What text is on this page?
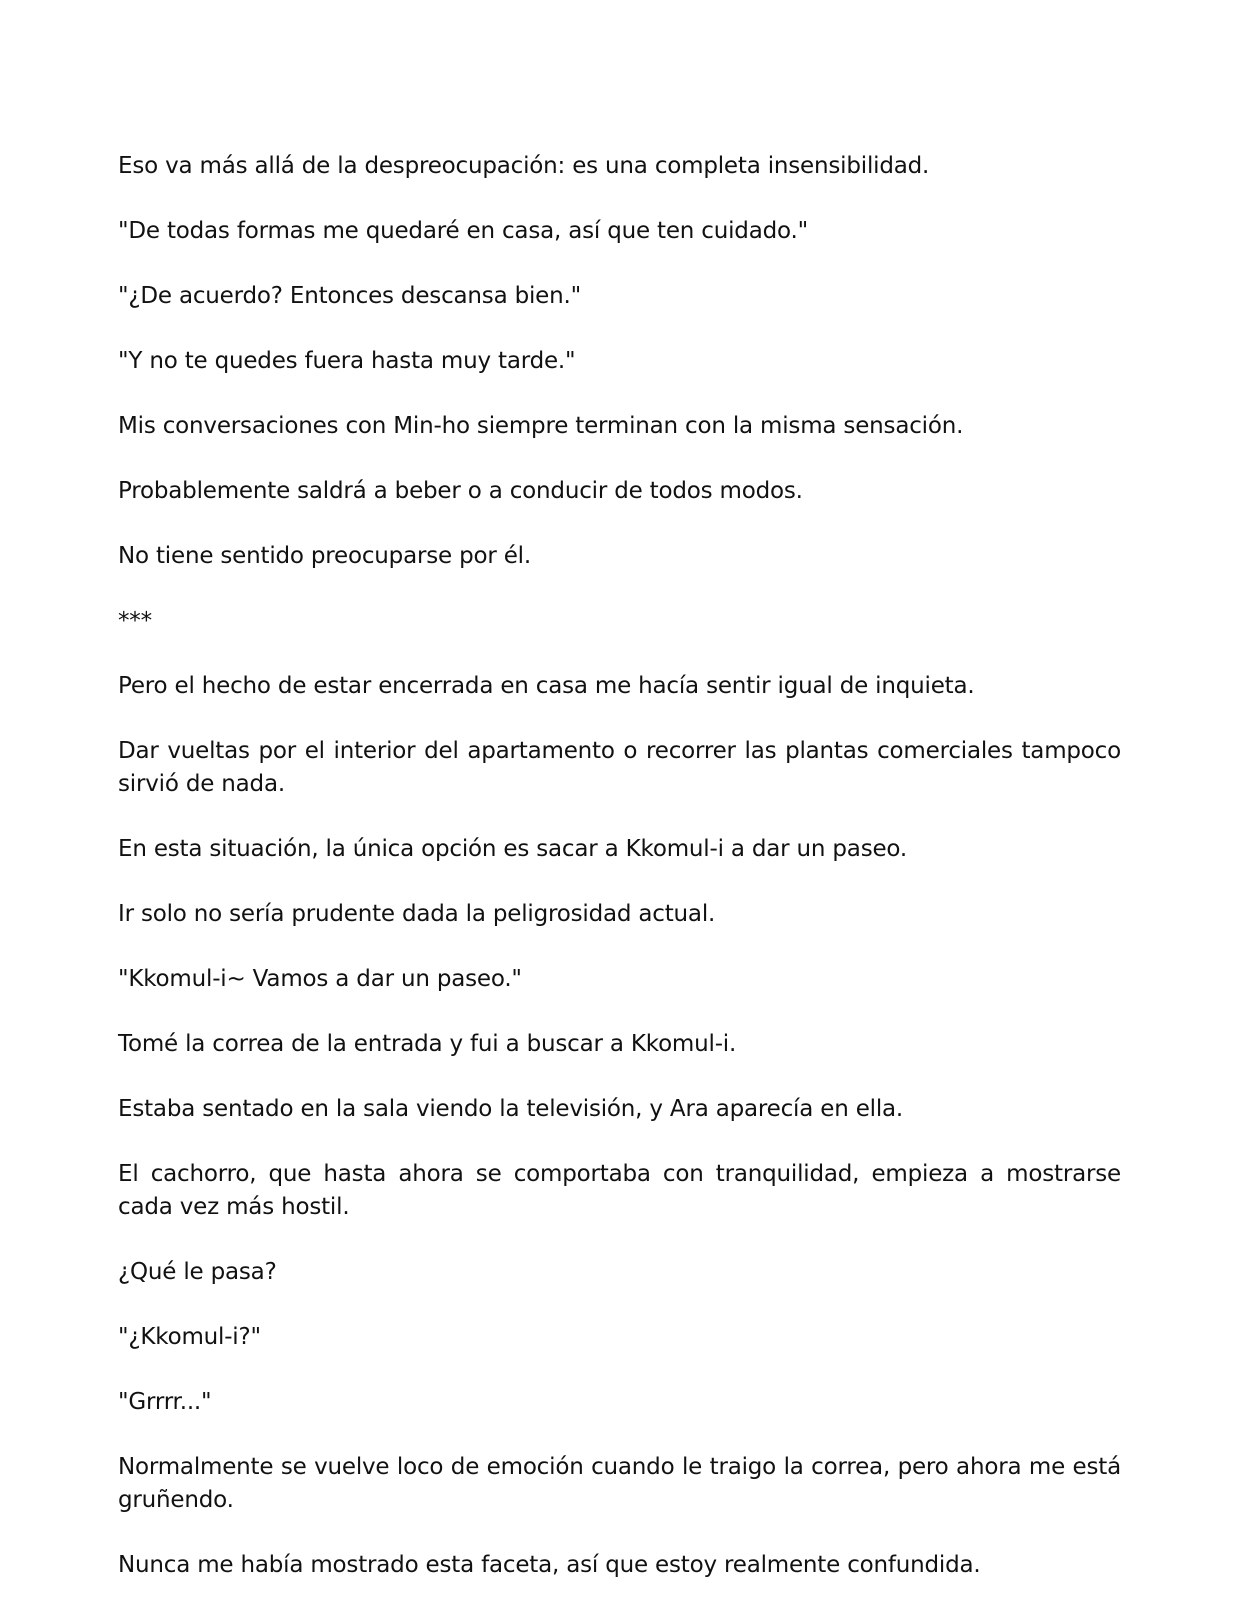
Eso va más allá de la despreocupación: es una completa insensibilidad.

"De todas formas me quedaré en casa, así que ten cuidado."

"¿De acuerdo? Entonces descansa bien."

"Y no te quedes fuera hasta muy tarde."

Mis conversaciones con Min-ho siempre terminan con la misma sensación.

Probablemente saldrá a beber o a conducir de todos modos.

No tiene sentido preocuparse por él.

***

Pero el hecho de estar encerrada en casa me hacía sentir igual de inquieta.

Dar vueltas por el interior del apartamento o recorrer las plantas comerciales tampoco sirvió de nada.

En esta situación, la única opción es sacar a Kkomul-i a dar un paseo.

Ir solo no sería prudente dada la peligrosidad actual.

"Kkomul-i~ Vamos a dar un paseo."

Tomé la correa de la entrada y fui a buscar a Kkomul-i.

Estaba sentado en la sala viendo la televisión, y Ara aparecía en ella.

El cachorro, que hasta ahora se comportaba con tranquilidad, empieza a mostrarse cada vez más hostil.

¿Qué le pasa?

"¿Kkomul-i?"

"Grrrr..."

Normalmente se vuelve loco de emoción cuando le traigo la correa, pero ahora me está gruñendo.

Nunca me había mostrado esta faceta, así que estoy realmente confundida.
